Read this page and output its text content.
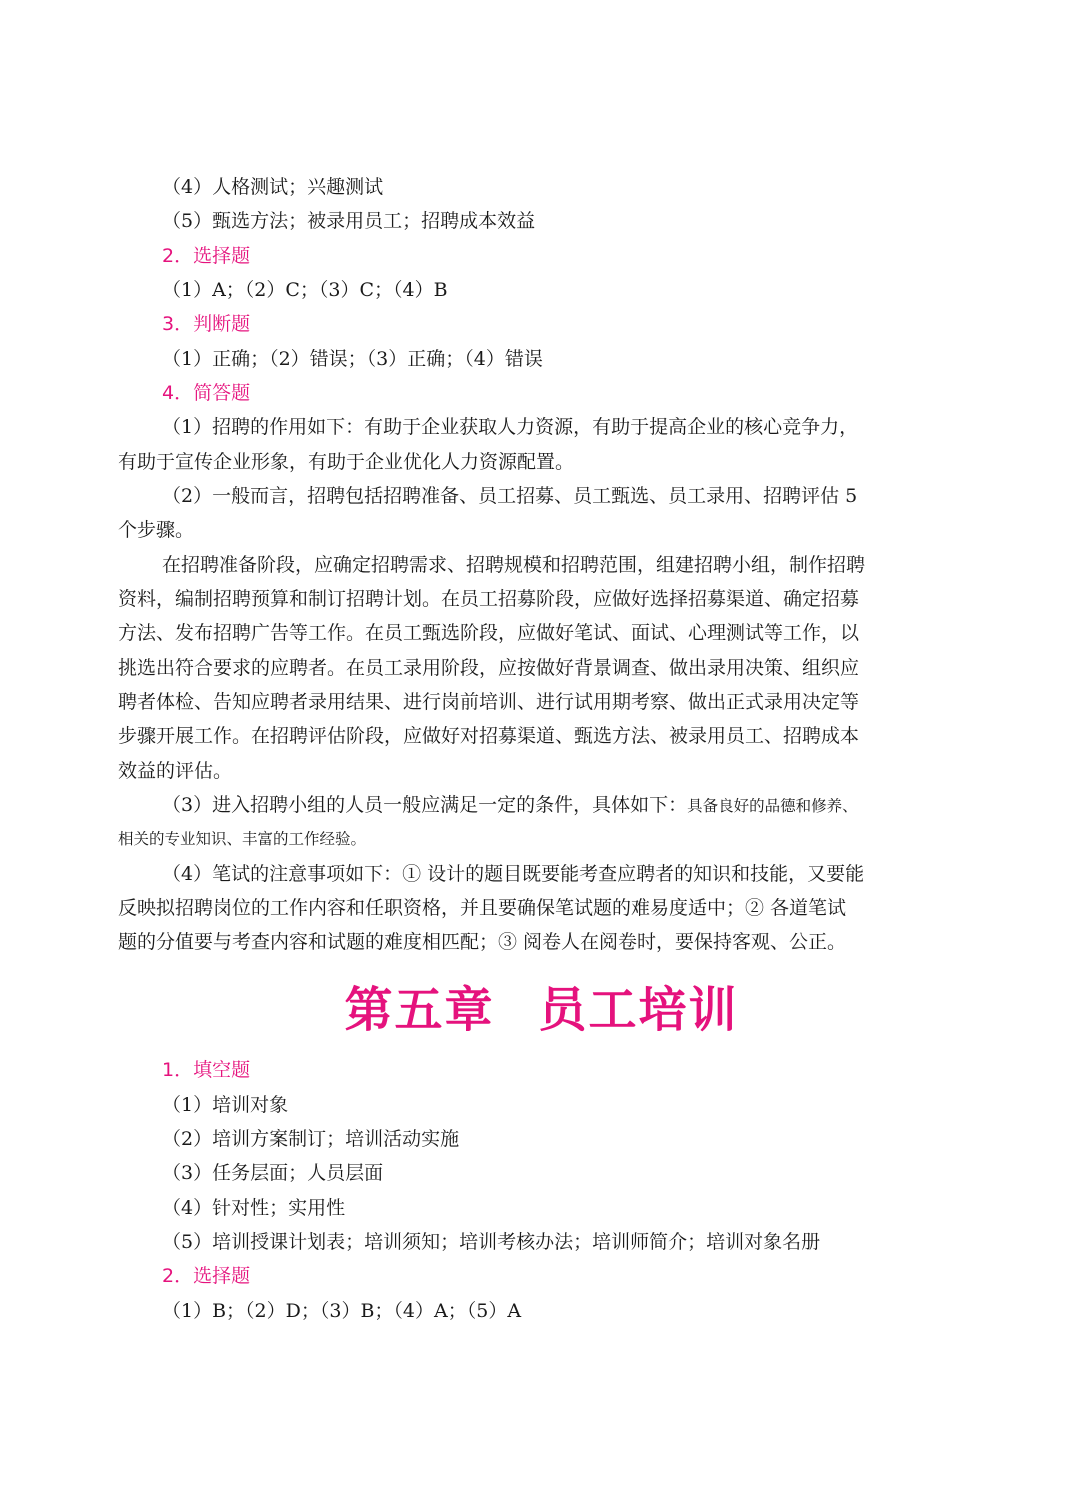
（4）人格测试；兴趣测试
（5）甄选方法；被录用员工；招聘成本效益
2．选择题
（1）A；（2）C；（3）C；（4）B
3．判断题
（1）正确；（2）错误；（3）正确；（4）错误
4．简答题
（1）招聘的作用如下：有助于企业获取人力资源，有助于提高企业的核心竞争力，
有助于宣传企业形象，有助于企业优化人力资源配置。
（2）一般而言，招聘包括招聘准备、员工招募、员工甄选、员工录用、招聘评估 5
个步骤。
在招聘准备阶段，应确定招聘需求、招聘规模和招聘范围，组建招聘小组，制作招聘
资料，编制招聘预算和制订招聘计划。在员工招募阶段，应做好选择招募渠道、确定招募
方法、发布招聘广告等工作。在员工甄选阶段，应做好笔试、面试、心理测试等工作，以
挑选出符合要求的应聘者。在员工录用阶段，应按做好背景调查、做出录用决策、组织应
聘者体检、告知应聘者录用结果、进行岗前培训、进行试用期考察、做出正式录用决定等
步骤开展工作。在招聘评估阶段，应做好对招募渠道、甄选方法、被录用员工、招聘成本
效益的评估。
（3）进入招聘小组的人员一般应满足一定的条件，具体如下：具备良好的品德和修养、
相关的专业知识、丰富的工作经验。
（4）笔试的注意事项如下：① 设计的题目既要能考查应聘者的知识和技能，又要能
反映拟招聘岗位的工作内容和任职资格，并且要确保笔试题的难易度适中；② 各道笔试
题的分值要与考查内容和试题的难度相匹配；③ 阅卷人在阅卷时，要保持客观、公正。
第五章 员工培训
1．填空题
（1）培训对象
（2）培训方案制订；培训活动实施
（3）任务层面；人员层面
（4）针对性；实用性
（5）培训授课计划表；培训须知；培训考核办法；培训师简介；培训对象名册
2．选择题
（1）B；（2）D；（3）B；（4）A；（5）A
